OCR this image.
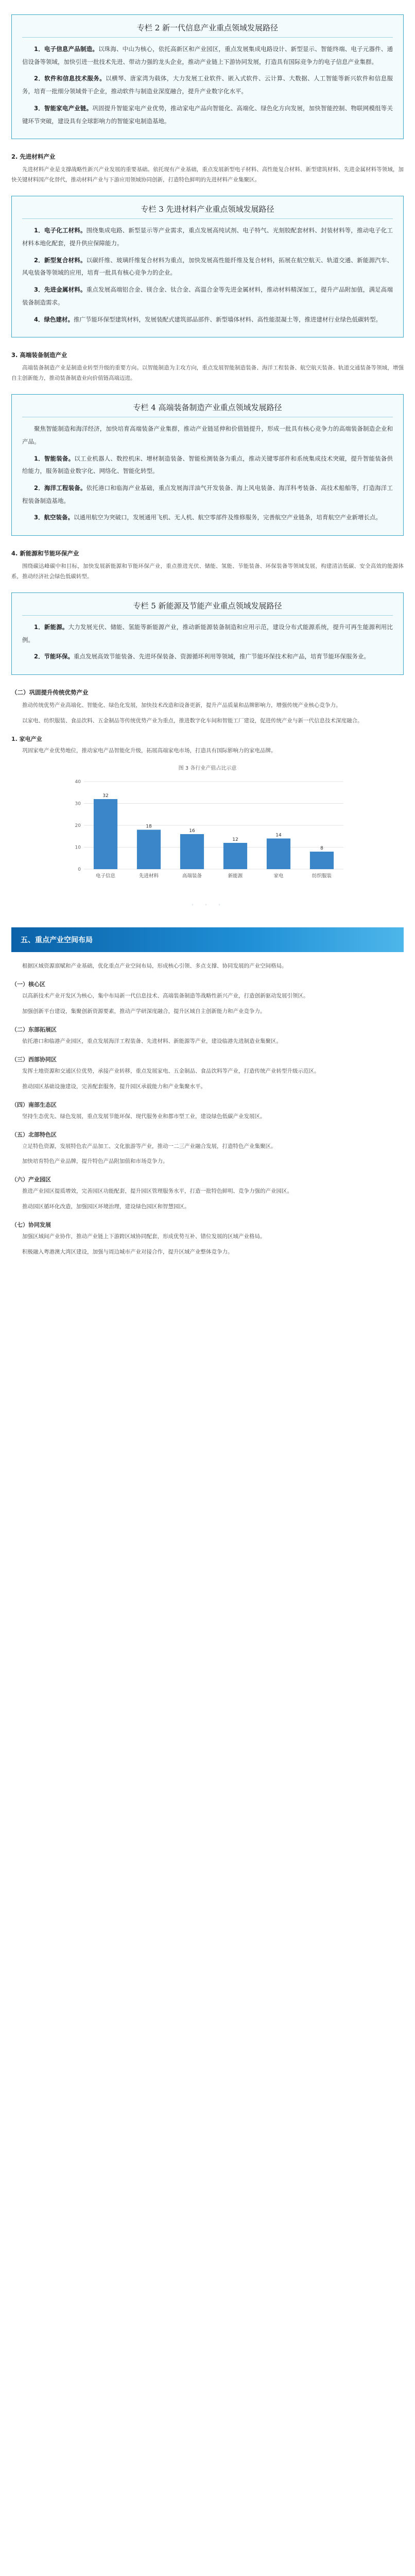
专栏 2 新一代信息产业重点领域发展路径

1．电子信息产品制造。以珠海、中山为核心，依托高新区和产业园区，重点发展集成电路设计、新型显示、智能终端、电子元器件、通信设备等领域，加快引进一批技术先进、带动力强的龙头企业，推动产业链上下游协同发展，打造具有国际竞争力的电子信息产业集群。

2．软件和信息技术服务。以横琴、唐家湾为载体，大力发展工业软件、嵌入式软件、云计算、大数据、人工智能等新兴软件和信息服务，培育一批细分领域骨干企业，推动软件与制造业深度融合，提升产业数字化水平。

3．智能家电产业链。巩固提升智能家电产业优势，推动家电产品向智能化、高端化、绿色化方向发展，加快智能控制、物联网模组等关键环节突破，建设具有全球影响力的智能家电制造基地。

2. 先进材料产业

先进材料产业是支撑战略性新兴产业发展的重要基础。依托现有产业基础，重点发展新型电子材料、高性能复合材料、新型建筑材料、先进金属材料等领域，加快关键材料国产化替代，推动材料产业与下游应用领域协同创新，打造特色鲜明的先进材料产业集聚区。

专栏 3 先进材料产业重点领域发展路径

1．电子化工材料。围绕集成电路、新型显示等产业需求，重点发展高纯试剂、电子特气、光刻胶配套材料、封装材料等，推动电子化工材料本地化配套，提升供应保障能力。

2．新型复合材料。以碳纤维、玻璃纤维复合材料为重点，加快发展高性能纤维及复合材料，拓展在航空航天、轨道交通、新能源汽车、风电装备等领域的应用，培育一批具有核心竞争力的企业。

3．先进金属材料。重点发展高端铝合金、镁合金、钛合金、高温合金等先进金属材料，推动材料精深加工，提升产品附加值，满足高端装备制造需求。

4．绿色建材。推广节能环保型建筑材料，发展装配式建筑部品部件、新型墙体材料、高性能混凝土等，推进建材行业绿色低碳转型。

3. 高端装备制造产业

高端装备制造产业是制造业转型升级的重要方向。以智能制造为主攻方向，重点发展智能制造装备、海洋工程装备、航空航天装备、轨道交通装备等领域，增强自主创新能力，推动装备制造业向价值链高端迈进。

专栏 4 高端装备制造产业重点领域发展路径

聚焦智能制造和海洋经济，加快培育高端装备产业集群，推动产业链延伸和价值链提升，形成一批具有核心竞争力的高端装备制造企业和产品。

1．智能装备。以工业机器人、数控机床、增材制造装备、智能检测装备为重点，推动关键零部件和系统集成技术突破，提升智能装备供给能力，服务制造业数字化、网络化、智能化转型。

2．海洋工程装备。依托港口和临海产业基础，重点发展海洋油气开发装备、海上风电装备、海洋科考装备、高技术船舶等，打造海洋工程装备制造基地。

3．航空装备。以通用航空为突破口，发展通用飞机、无人机、航空零部件及维修服务，完善航空产业链条，培育航空产业新增长点。

4. 新能源和节能环保产业

围绕碳达峰碳中和目标，加快发展新能源和节能环保产业，重点推进光伏、储能、氢能、节能装备、环保装备等领域发展，构建清洁低碳、安全高效的能源体系，推动经济社会绿色低碳转型。

专栏 5 新能源及节能产业重点领域发展路径

1．新能源。大力发展光伏、储能、氢能等新能源产业，推动新能源装备制造和应用示范，建设分布式能源系统，提升可再生能源利用比例。

2．节能环保。重点发展高效节能装备、先进环保装备、资源循环利用等领域，推广节能环保技术和产品，培育节能环保服务业。

（二）巩固提升传统优势产业

推动传统优势产业高端化、智能化、绿色化发展，加快技术改造和设备更新，提升产品质量和品牌影响力，增强传统产业核心竞争力。

以家电、纺织服装、食品饮料、五金制品等传统优势产业为重点，推进数字化车间和智能工厂建设，促进传统产业与新一代信息技术深度融合。

1. 家电产业

巩固家电产业优势地位，推动家电产品智能化升级，拓展高端家电市场，打造具有国际影响力的家电品牌。

图 3 各行业产值占比示意
0
10
20
30
40
32
电子信息
18
先进材料
16
高端装备
12
新能源
14
家电
8
纺织服装
· · ·
五、重点产业空间布局

根据区域资源禀赋和产业基础，优化重点产业空间布局，形成核心引领、多点支撑、协同发展的产业空间格局。

（一）核心区

以高新技术产业开发区为核心，集中布局新一代信息技术、高端装备制造等战略性新兴产业，打造创新驱动发展引领区。

加强创新平台建设，集聚创新资源要素，推动产学研深度融合，提升区域自主创新能力和产业竞争力。

（二）东部拓展区

依托港口和临港产业园区，重点发展海洋工程装备、先进材料、新能源等产业，建设临港先进制造业集聚区。

（三）西部协同区

发挥土地资源和交通区位优势，承接产业转移，重点发展家电、五金制品、食品饮料等产业，打造传统产业转型升级示范区。

推动园区基础设施建设，完善配套服务，提升园区承载能力和产业集聚水平。

（四）南部生态区

坚持生态优先、绿色发展，重点发展节能环保、现代服务业和都市型工业，建设绿色低碳产业发展区。

（五）北部特色区

立足特色资源，发展特色农产品加工、文化旅游等产业，推动一二三产业融合发展，打造特色产业集聚区。

加快培育特色产业品牌，提升特色产品附加值和市场竞争力。

（六）产业园区

推进产业园区提质增效，完善园区功能配套，提升园区管理服务水平，打造一批特色鲜明、竞争力强的产业园区。

推动园区循环化改造，加强园区环境治理，建设绿色园区和智慧园区。

（七）协同发展

加强区域间产业协作，推动产业链上下游跨区域协同配套，形成优势互补、错位发展的区域产业格局。

积极融入粤港澳大湾区建设，加强与周边城市产业对接合作，提升区域产业整体竞争力。
